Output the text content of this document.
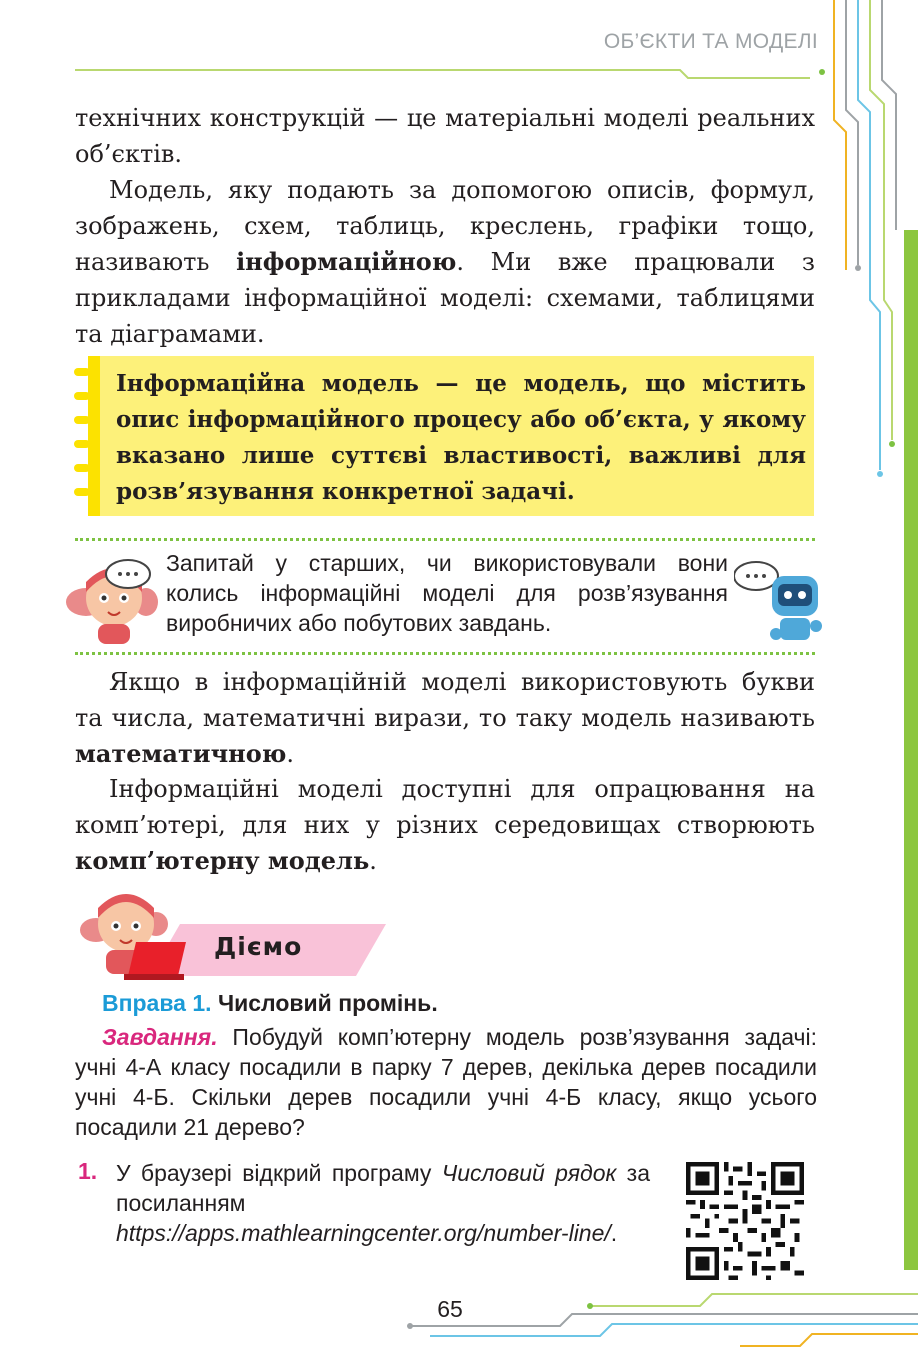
ОБ’ЄКТИ ТА МОДЕЛІ
технічних конструкцій — це матеріальні моделі реальних об’єктів.
Модель, яку подають за допомогою описів, формул, зображень, схем, таблиць, креслень, графіки тощо, називають інформаційною. Ми вже працювали з прикладами інформаційної моделі: схемами, таблицями та діаграмами.
Інформаційна модель — це модель, що містить опис інформаційного процесу або об’єкта, у якому вказано лише суттєві властивості, важливі для розв’язування конкретної задачі.
Запитай у старших, чи використовували вони колись інформаційні моделі для розв’язування виробничих або побутових завдань.
Якщо в інформаційній моделі використовують букви та числа, математичні вирази, то таку модель називають математичною.
Інформаційні моделі доступні для опрацювання на комп’ютері, для них у різних середовищах створюють комп’ютерну модель.
Діємо
Вправа 1. Числовий промінь.
Завдання. Побудуй комп’ютерну модель розв’язування задачі: учні 4-А класу посадили в парку 7 дерев, декілька дерев посадили учні 4-Б. Скільки дерев посадили учні 4-Б класу, якщо усього посадили 21 дерево?
1. У браузері відкрий програму Числовий рядок за посиланням https://apps.mathlearningcenter.org/number-line/.
65
